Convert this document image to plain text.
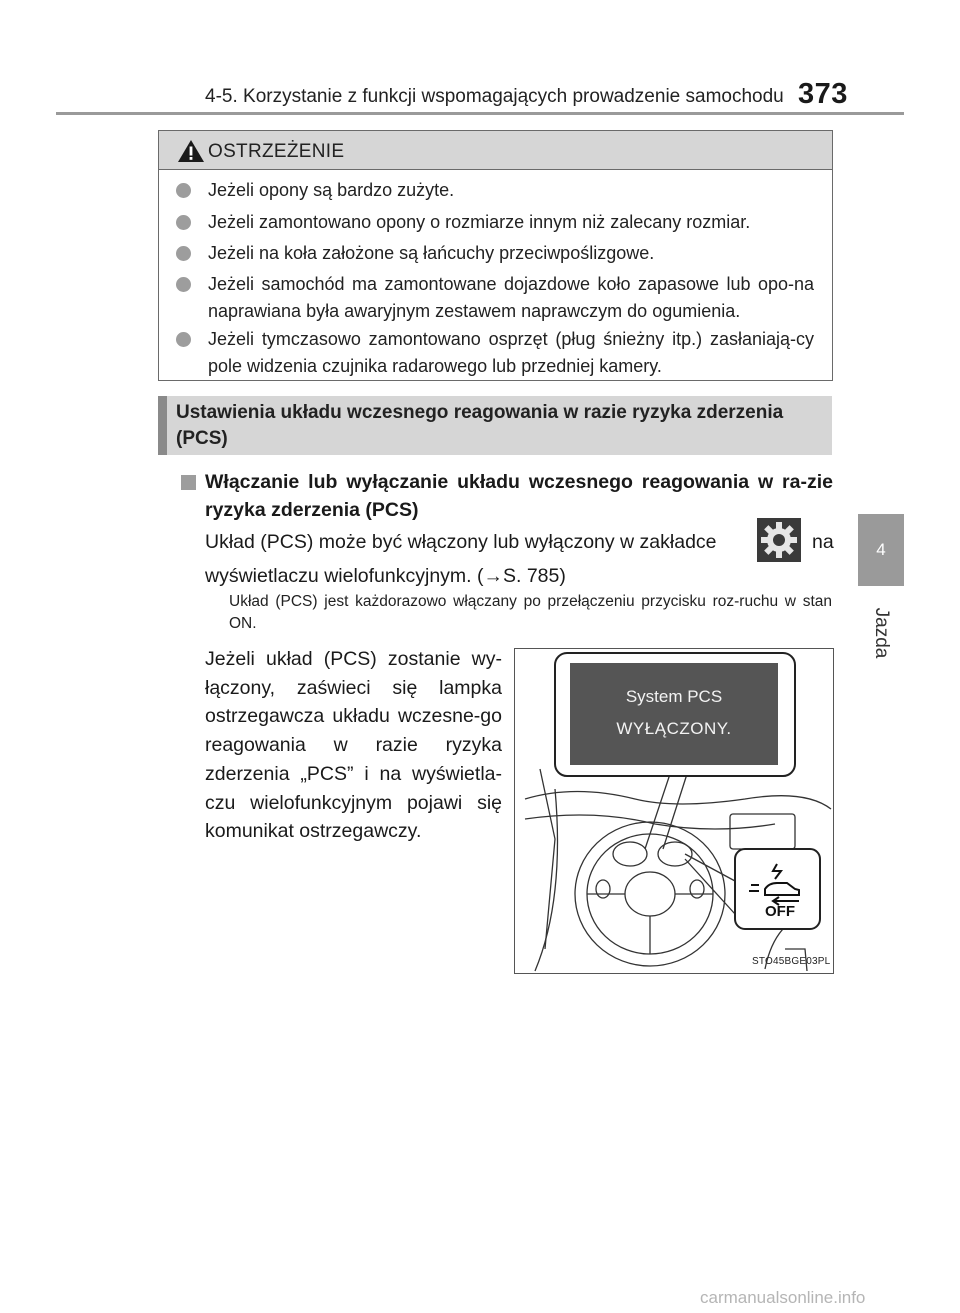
4-5. Korzystanie z funkcji wspomagających prowadzenie samochodu 373
4
Jazda
OSTRZEŻENIE
Jeżeli opony są bardzo zużyte.
Jeżeli zamontowano opony o rozmiarze innym niż zalecany rozmiar.
Jeżeli na koła założone są łańcuchy przeciwpoślizgowe.
Jeżeli samochód ma zamontowane dojazdowe koło zapasowe lub opo-na naprawiana była awaryjnym zestawem naprawczym do ogumienia.
Jeżeli tymczasowo zamontowano osprzęt (pług śnieżny itp.) zasłaniają-cy pole widzenia czujnika radarowego lub przedniej kamery.
Ustawienia układu wczesnego reagowania w razie ryzyka zderzenia (PCS)
Włączanie lub wyłączanie układu wczesnego reagowania w ra-zie ryzyka zderzenia (PCS)
Układ (PCS) może być włączony lub wyłączony w zakładce	na
wyświetlaczu wielofunkcyjnym. (→S. 785)
Układ (PCS) jest każdorazowo włączany po przełączeniu przycisku roz-ruchu w stan ON.
Jeżeli układ (PCS) zostanie wy-łączony, zaświeci się lampka ostrzegawcza układu wczesne-go reagowania w razie ryzyka zderzenia „PCS” i na wyświetla-czu wielofunkcyjnym pojawi się komunikat ostrzegawczy.
System PCS
WYŁĄCZONY.
OFF
STO45BGE03PL
carmanualsonline.info
